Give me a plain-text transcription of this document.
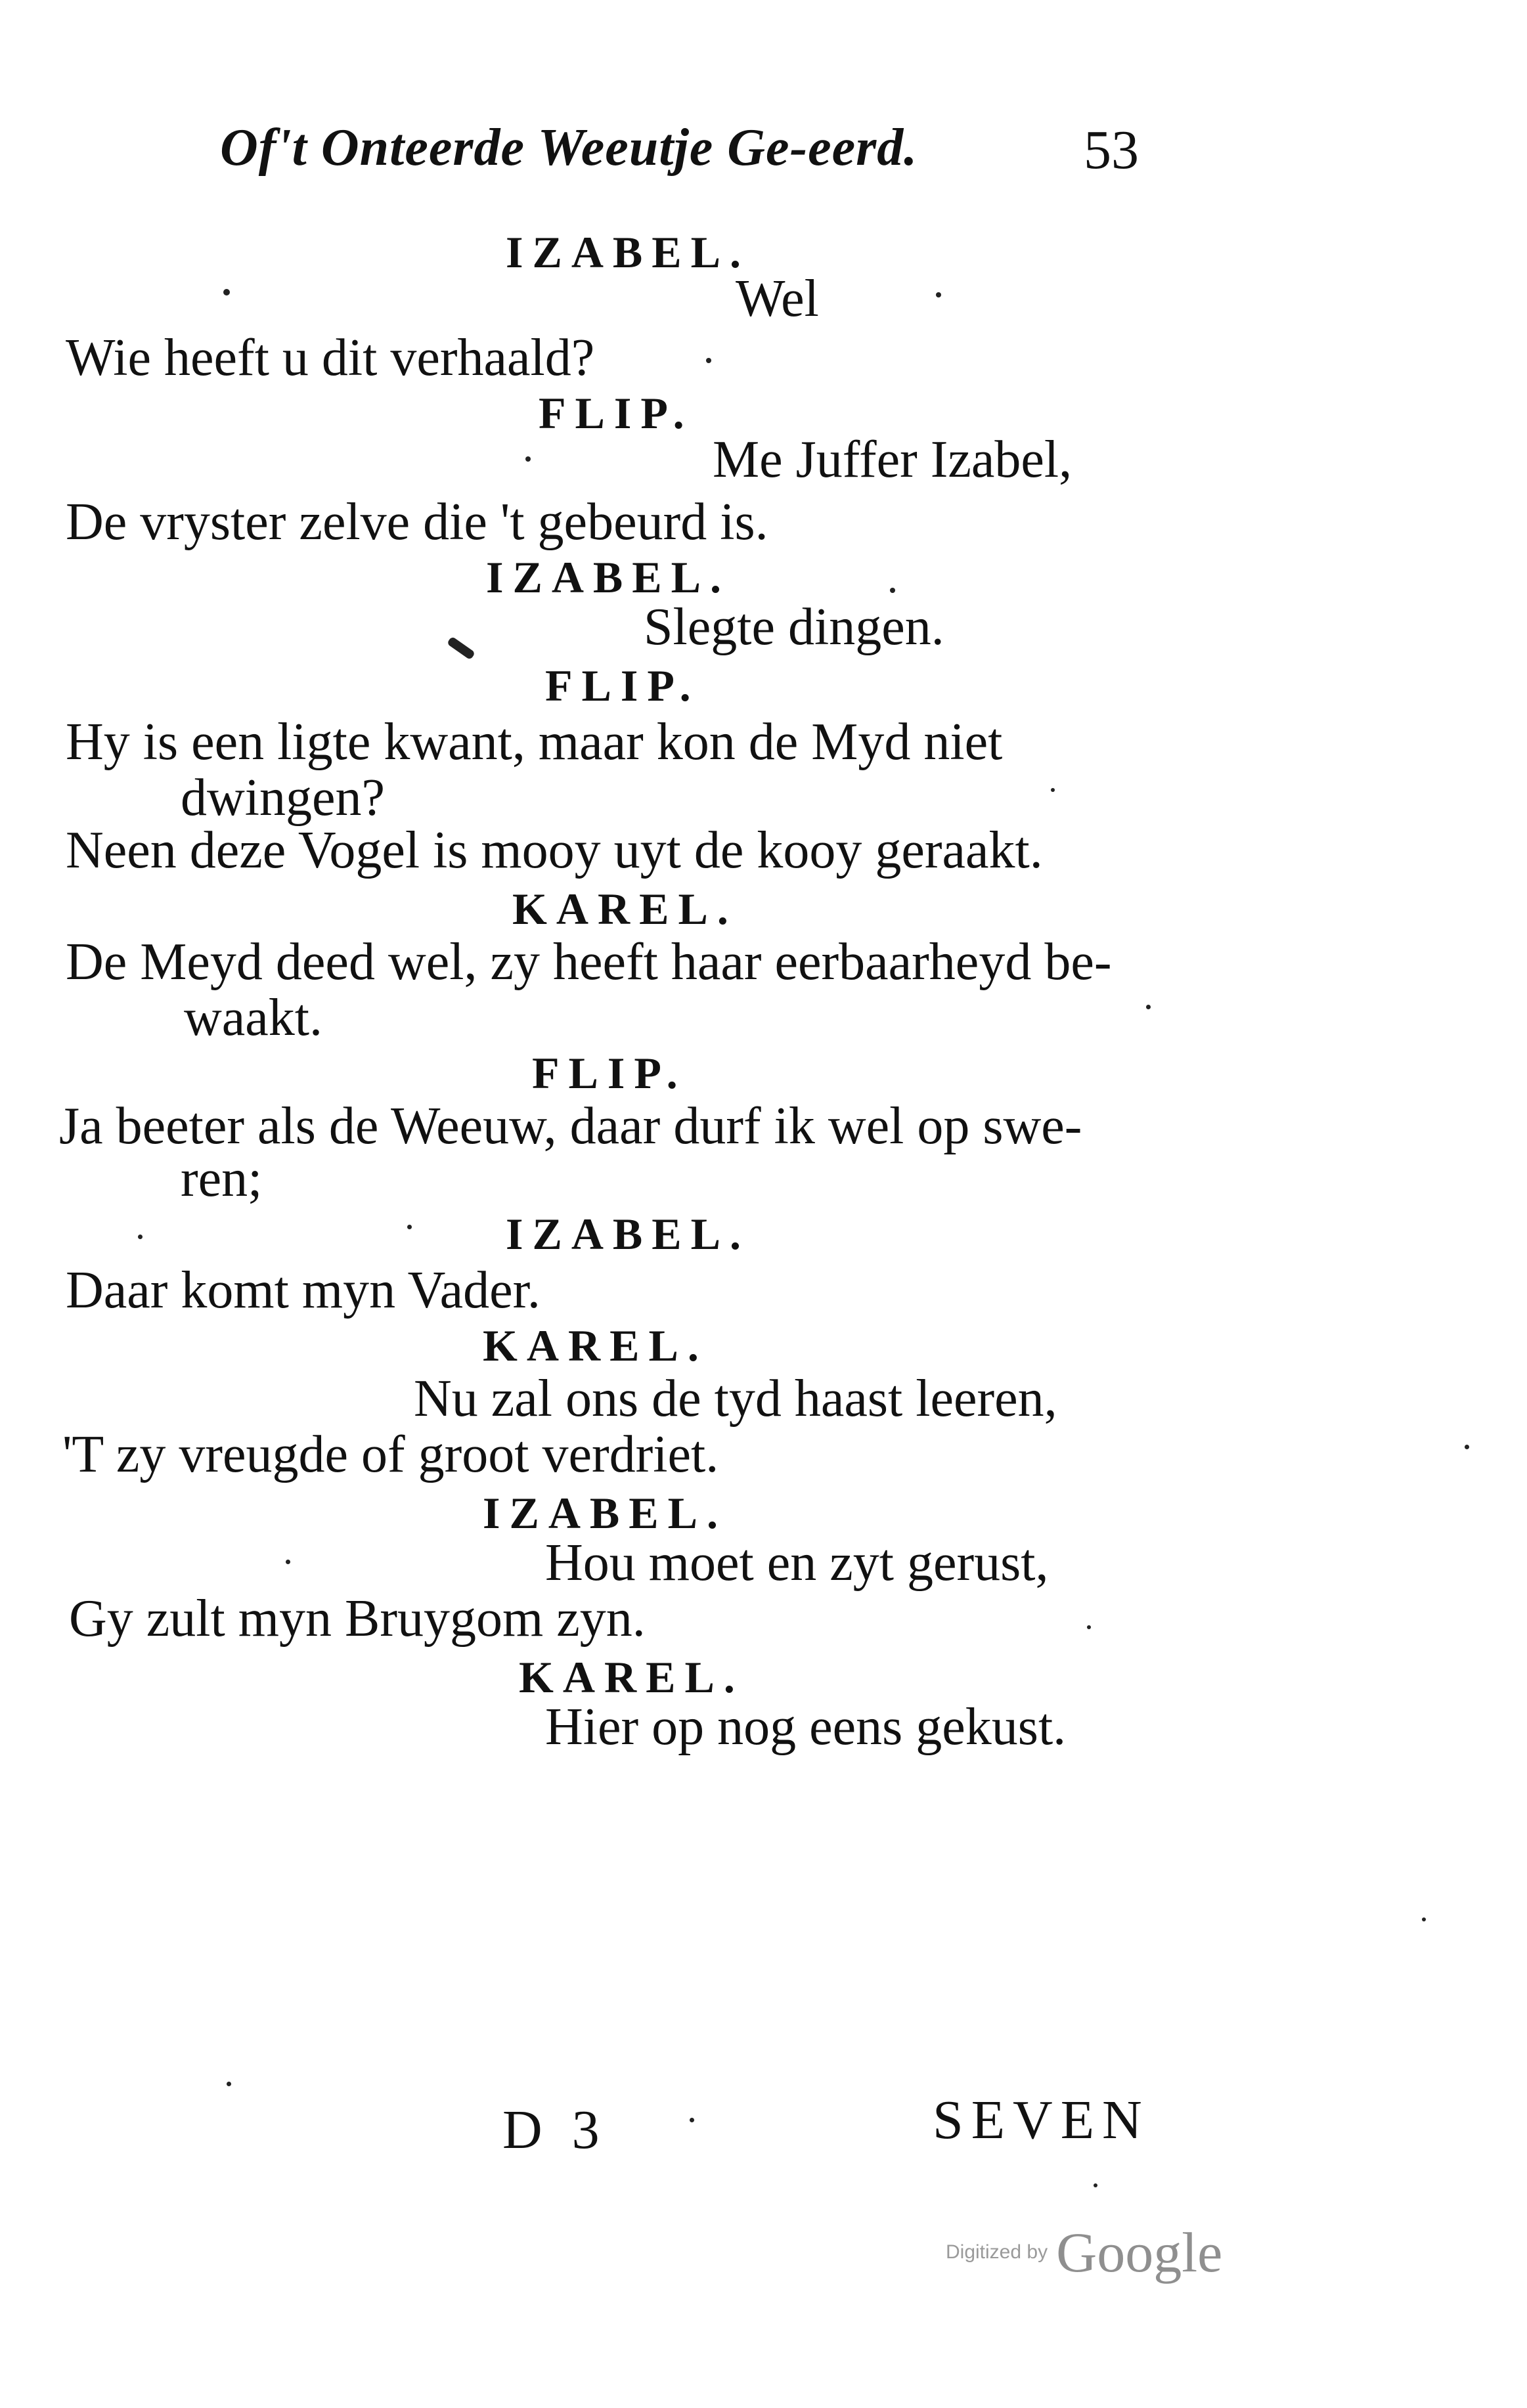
Of't Onteerde Weeutje Ge-eerd.	53
IZABEL.
Wel
Wie heeft u dit verhaald?
FLIP.
Me Juffer Izabel,
De vryster zelve die 't gebeurd is.
IZABEL.
Slegte dingen.
FLIP.
Hy is een ligte kwant, maar kon de Myd niet
dwingen?
Neen deze Vogel is mooy uyt de kooy geraakt.
KAREL.
De Meyd deed wel, zy heeft haar eerbaarheyd be-
waakt.
FLIP.
Ja beeter als de Weeuw, daar durf ik wel op swe-
ren;
IZABEL.
Daar komt myn Vader.
KAREL.
Nu zal ons de tyd haast leeren,
'T zy vreugde of groot verdriet.
IZABEL.
Hou moet en zyt gerust,
Gy zult myn Bruygom zyn.
KAREL.
Hier op nog eens gekust.
D 3	SEVEN
Digitized by Google
